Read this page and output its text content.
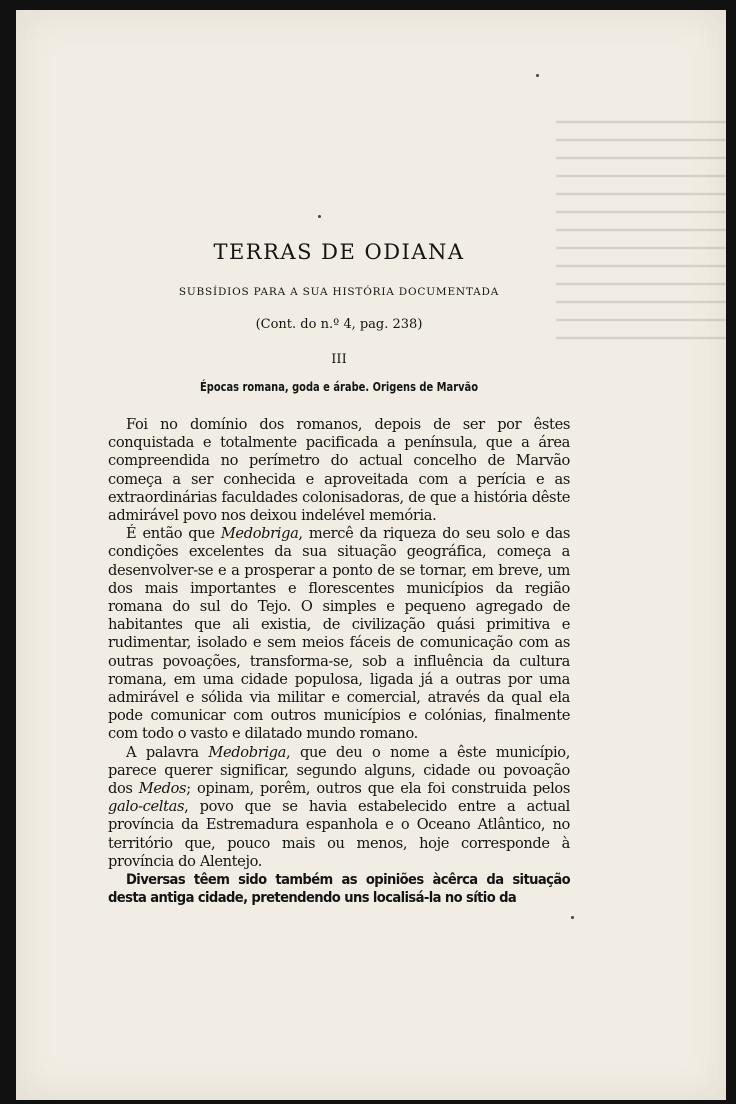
TERRAS DE ODIANA
SUBSÍDIOS PARA A SUA HISTÓRIA DOCUMENTADA
(Cont. do n.º 4, pag. 238)
III
Épocas romana, goda e árabe. Origens de Marvão

Foi no domínio dos romanos, depois de ser por êstes conquistada e totalmente pacificada a península, que a área compreendida no perímetro do actual concelho de Marvão começa a ser conhecida e aproveitada com a perícia e as extraordinárias faculdades colonisadoras, de que a história dêste admirável povo nos deixou indelével memória.

É então que Medobriga, mercê da riqueza do seu solo e das condições excelentes da sua situação geográfica, começa a desenvolver-se e a prosperar a ponto de se tornar, em breve, um dos mais importantes e florescentes municípios da região romana do sul do Tejo. O simples e pequeno agregado de habitantes que ali existia, de civilização quási primitiva e rudimentar, isolado e sem meios fáceis de comunicação com as outras povoações, transforma-se, sob a influência da cultura romana, em uma cidade populosa, ligada já a outras por uma admirável e sólida via militar e comercial, através da qual ela pode comunicar com outros municípios e colónias, finalmente com todo o vasto e dilatado mundo romano.

A palavra Medobriga, que deu o nome a êste município, parece querer significar, segundo alguns, cidade ou povoação dos Medos; opinam, porêm, outros que ela foi construida pelos galo-celtas, povo que se havia estabelecido entre a actual província da Estremadura espanhola e o Oceano Atlântico, no território que, pouco mais ou menos, hoje corresponde à província do Alentejo.

Diversas têem sido também as opiniões àcêrca da situação desta antiga cidade, pretendendo uns localisá-la no sítio da
